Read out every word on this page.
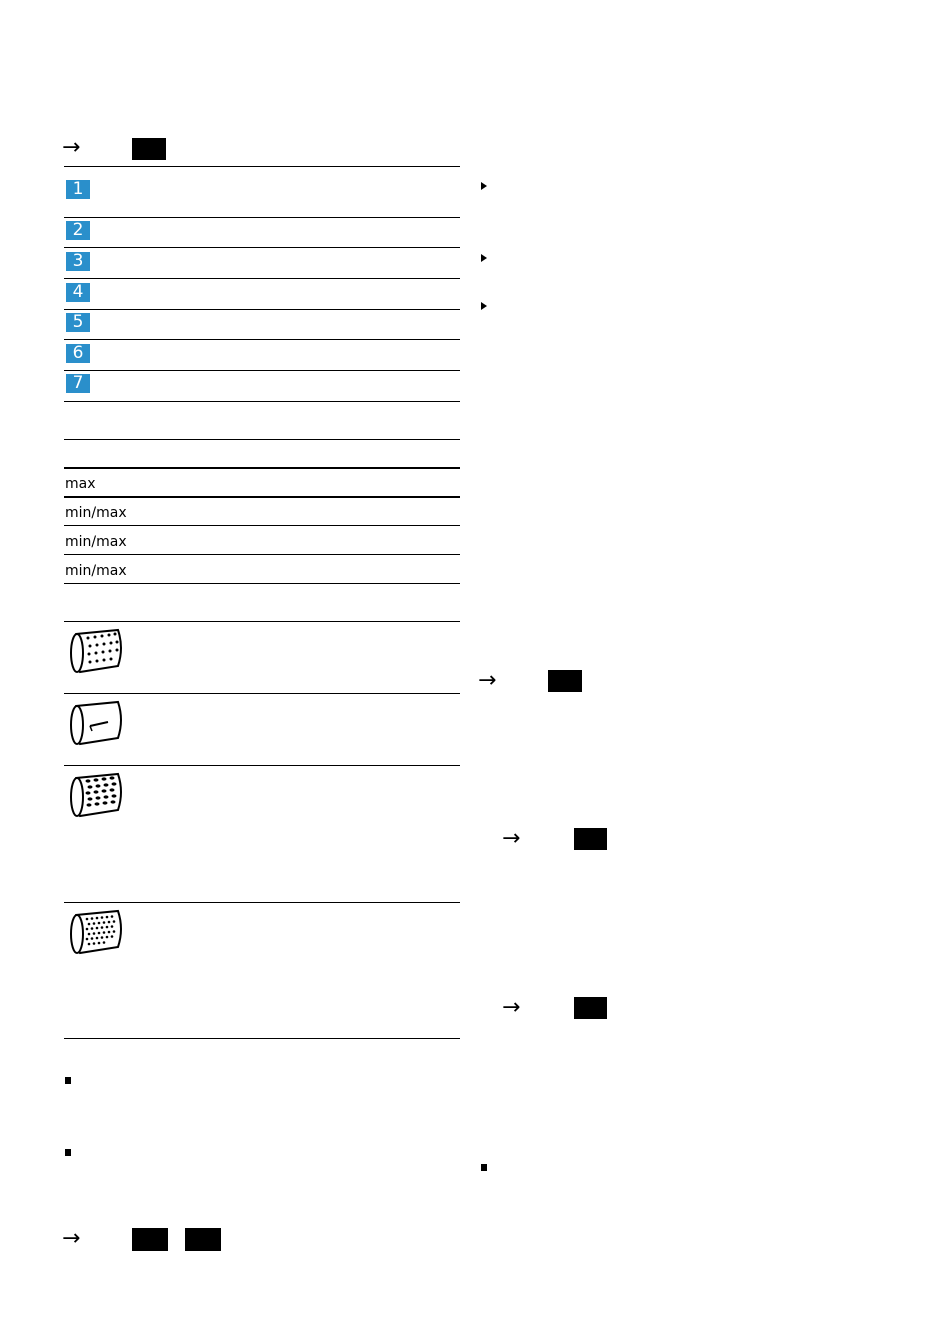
→
1
2
3
4
5
6
7
max
min/max
min/max
min/max
→
→
→
→
